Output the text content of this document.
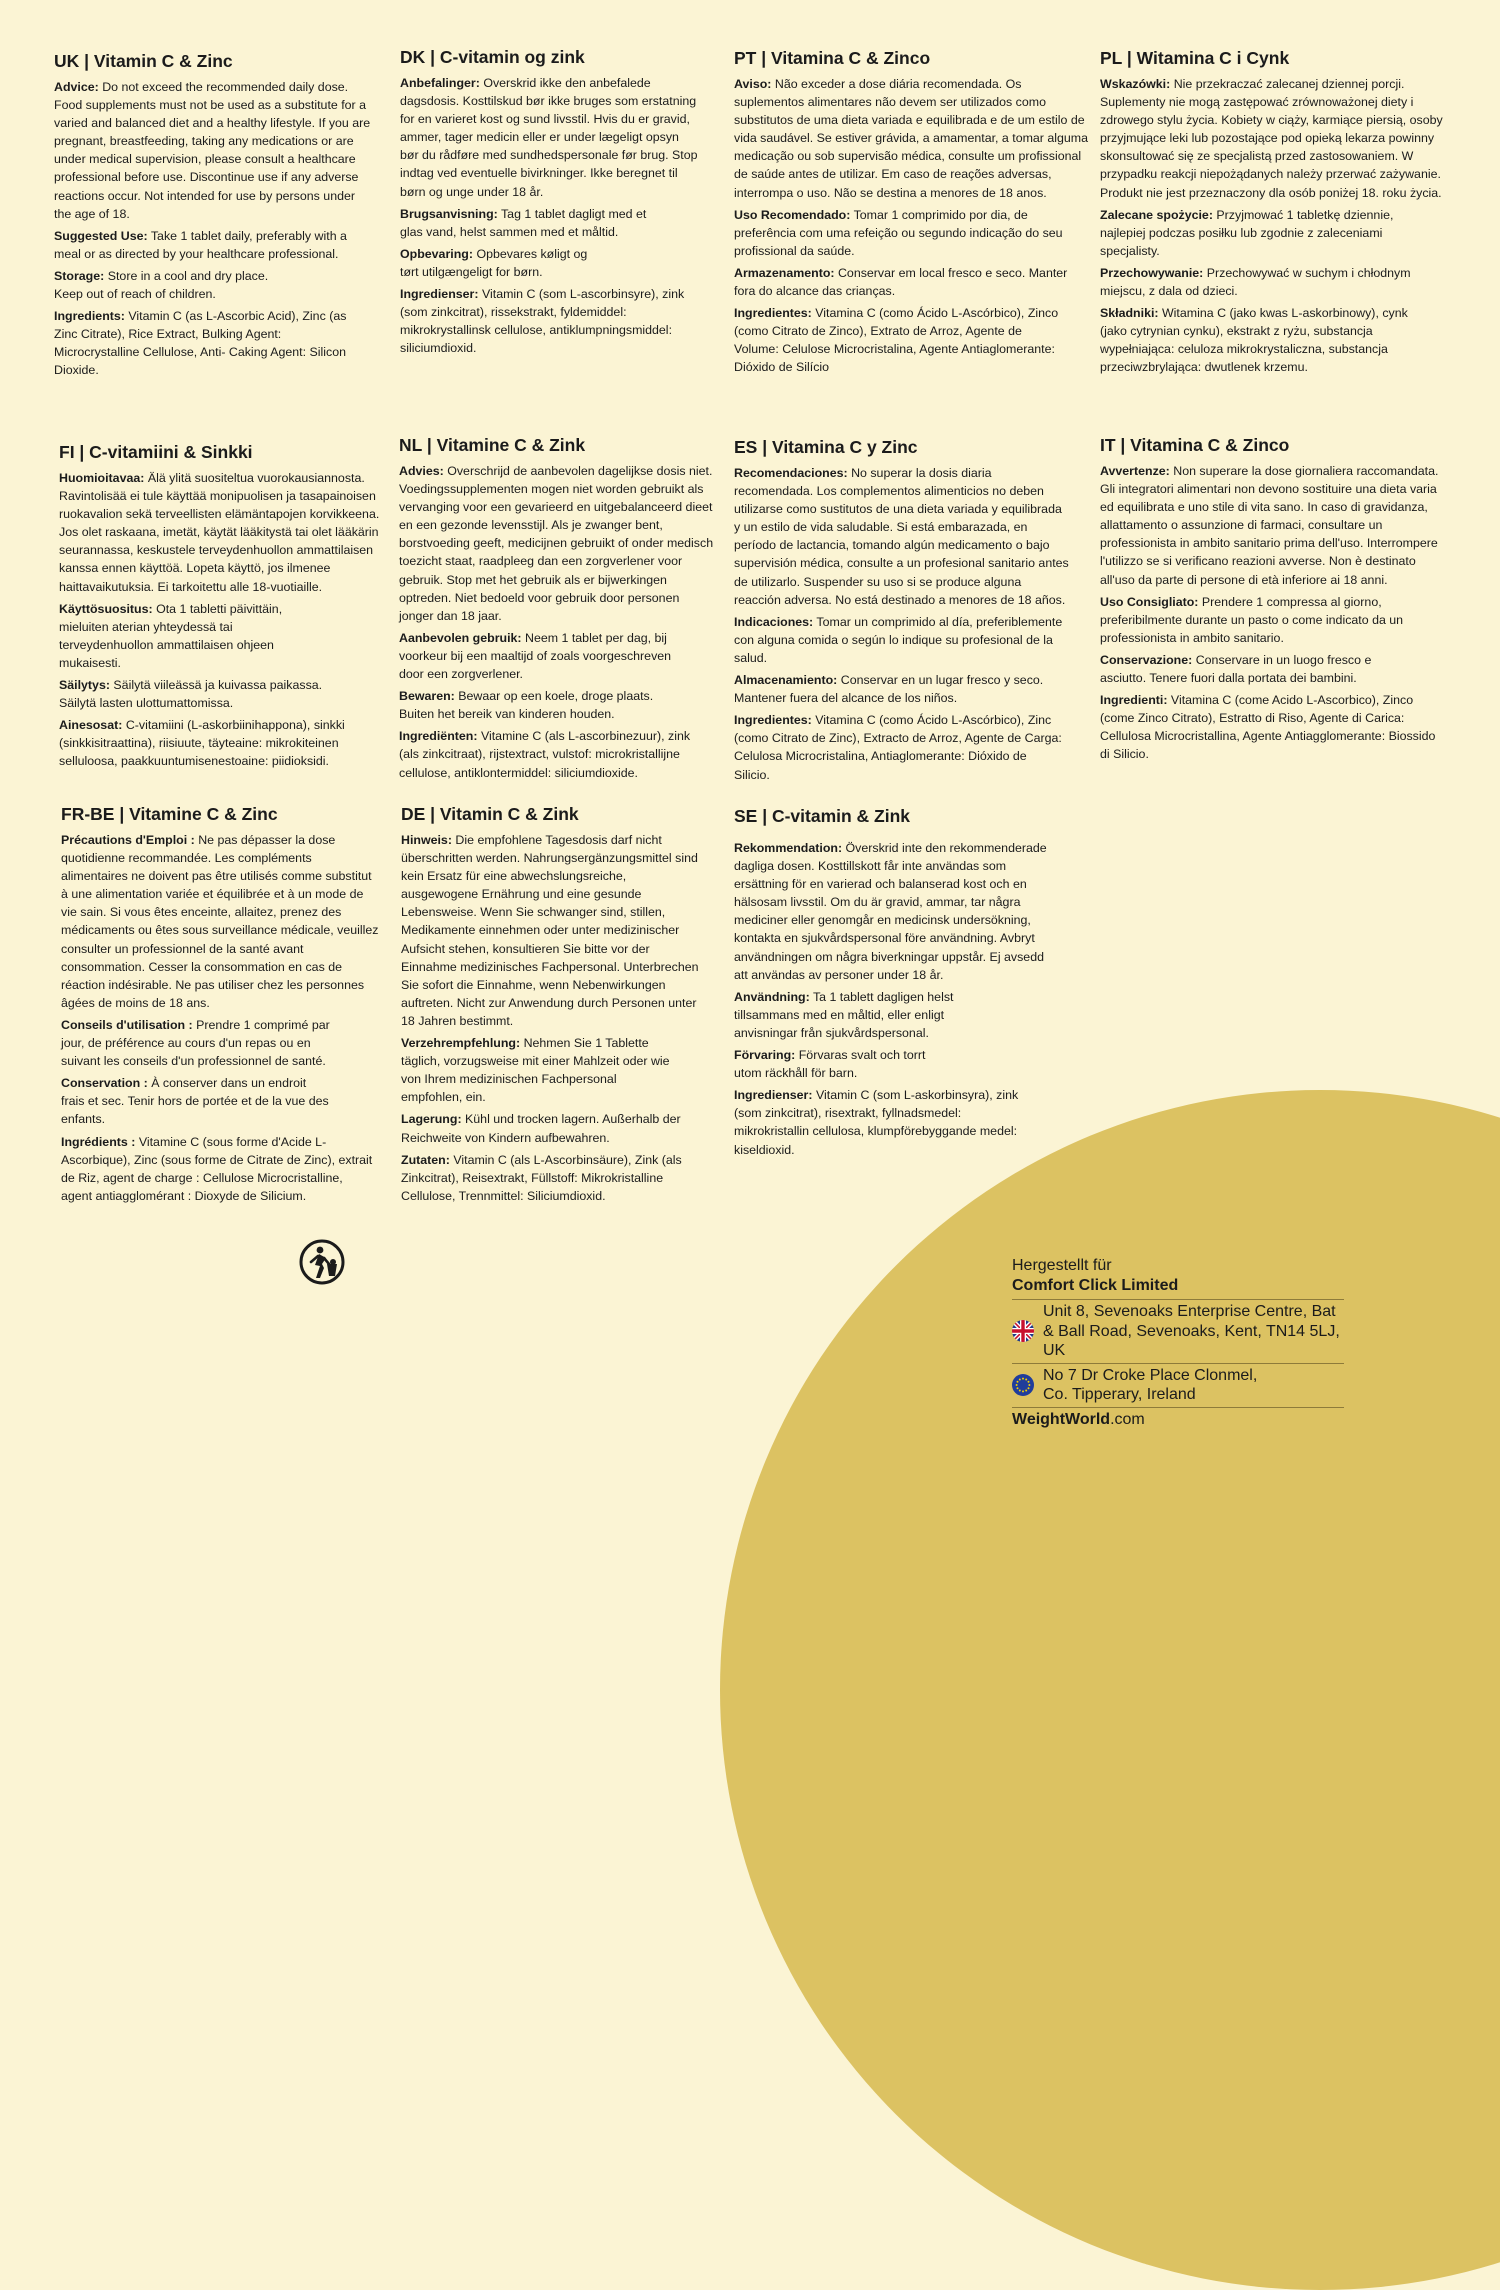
UK | Vitamin C & Zinc

Advice: Do not exceed the recommended daily dose. Food supplements must not be used as a substitute for a varied and balanced diet and a healthy lifestyle. If you are pregnant, breastfeeding, taking any medications or are under medical supervision, please consult a healthcare professional before use. Discontinue use if any adverse reactions occur. Not intended for use by persons under the age of 18.

Suggested Use: Take 1 tablet daily, preferably with a meal or as directed by your healthcare professional.

Storage: Store in a cool and dry place. Keep out of reach of children.

Ingredients: Vitamin C (as L-Ascorbic Acid), Zinc (as Zinc Citrate), Rice Extract, Bulking Agent: Microcrystalline Cellulose, Anti- Caking Agent: Silicon Dioxide.

DK | C-vitamin og zink

Anbefalinger: Overskrid ikke den anbefalede dagsdosis. Kosttilskud bør ikke bruges som erstatning for en varieret kost og sund livsstil. Hvis du er gravid, ammer, tager medicin eller er under lægeligt opsyn bør du rådføre med sundhedspersonale før brug. Stop indtag ved eventuelle bivirkninger. Ikke beregnet til børn og unge under 18 år.

Brugsanvisning: Tag 1 tablet dagligt med et glas vand, helst sammen med et måltid.

Opbevaring: Opbevares køligt og tørt utilgængeligt for børn.

Ingredienser: Vitamin C (som L-ascorbinsyre), zink (som zinkcitrat), rissekstrakt, fyldemiddel: mikrokrystallinsk cellulose, antiklumpningsmiddel: siliciumdioxid.

PT | Vitamina C & Zinco

Aviso: Não exceder a dose diária recomendada. Os suplementos alimentares não devem ser utilizados como substitutos de uma dieta variada e equilibrada e de um estilo de vida saudável. Se estiver grávida, a amamentar, a tomar alguma medicação ou sob supervisão médica, consulte um profissional de saúde antes de utilizar. Em caso de reações adversas, interrompa o uso. Não se destina a menores de 18 anos.

Uso Recomendado: Tomar 1 comprimido por dia, de preferência com uma refeição ou segundo indicação do seu profissional da saúde.

Armazenamento: Conservar em local fresco e seco. Manter fora do alcance das crianças.

Ingredientes: Vitamina C (como Ácido L-Ascórbico), Zinco (como Citrato de Zinco), Extrato de Arroz, Agente de Volume: Celulose Microcristalina, Agente Antiaglomerante: Dióxido de Silício

PL | Witamina C i Cynk

Wskazówki: Nie przekraczać zalecanej dziennej porcji. Suplementy nie mogą zastępować zrównoważonej diety i zdrowego stylu życia. Kobiety w ciąży, karmiące piersią, osoby przyjmujące leki lub pozostające pod opieką lekarza powinny skonsultować się ze specjalistą przed zastosowaniem. W przypadku reakcji niepożądanych należy przerwać zażywanie. Produkt nie jest przeznaczony dla osób poniżej 18. roku życia.

Zalecane spożycie: Przyjmować 1 tabletkę dziennie, najlepiej podczas posiłku lub zgodnie z zaleceniami specjalisty.

Przechowywanie: Przechowywać w suchym i chłodnym miejscu, z dala od dzieci.

Składniki: Witamina C (jako kwas L-askorbinowy), cynk (jako cytrynian cynku), ekstrakt z ryżu, substancja wypełniająca: celuloza mikrokrystaliczna, substancja przeciwzbrylająca: dwutlenek krzemu.

FI | C-vitamiini & Sinkki

Huomioitavaa: Älä ylitä suositeltua vuorokausiannosta. Ravintolisää ei tule käyttää monipuolisen ja tasapainoisen ruokavalion sekä terveellisten elämäntapojen korvikkeena. Jos olet raskaana, imetät, käytät lääkitystä tai olet lääkärin seurannassa, keskustele terveydenhuollon ammattilaisen kanssa ennen käyttöä. Lopeta käyttö, jos ilmenee haittavaikutuksia. Ei tarkoitettu alle 18-vuotiaille.

Käyttösuositus: Ota 1 tabletti päivittäin, mieluiten aterian yhteydessä tai terveydenhuollon ammattilaisen ohjeen mukaisesti.

Säilytys: Säilytä viileässä ja kuivassa paikassa. Säilytä lasten ulottumattomissa.

Ainesosat: C-vitamiini (L-askorbiinihappona), sinkki (sinkkisitraattina), riisiuute, täyteaine: mikrokiteinen selluloosa, paakkuuntumisenestoaine: piidioksidi.

NL | Vitamine C & Zink

Advies: Overschrijd de aanbevolen dagelijkse dosis niet. Voedingssupplementen mogen niet worden gebruikt als vervanging voor een gevarieerd en uitgebalanceerd dieet en een gezonde levensstijl. Als je zwanger bent, borstvoeding geeft, medicijnen gebruikt of onder medisch toezicht staat, raadpleeg dan een zorgverlener voor gebruik. Stop met het gebruik als er bijwerkingen optreden. Niet bedoeld voor gebruik door personen jonger dan 18 jaar.

Aanbevolen gebruik: Neem 1 tablet per dag, bij voorkeur bij een maaltijd of zoals voorgeschreven door een zorgverlener.

Bewaren: Bewaar op een koele, droge plaats. Buiten het bereik van kinderen houden.

Ingrediënten: Vitamine C (als L-ascorbinezuur), zink (als zinkcitraat), rijstextract, vulstof: microkristallijne cellulose, antiklontermiddel: siliciumdioxide.

ES | Vitamina C y Zinc

Recomendaciones: No superar la dosis diaria recomendada. Los complementos alimenticios no deben utilizarse como sustitutos de una dieta variada y equilibrada y un estilo de vida saludable. Si está embarazada, en período de lactancia, tomando algún medicamento o bajo supervisión médica, consulte a un profesional sanitario antes de utilizarlo. Suspender su uso si se produce alguna reacción adversa. No está destinado a menores de 18 años.

Indicaciones: Tomar un comprimido al día, preferiblemente con alguna comida o según lo indique su profesional de la salud.

Almacenamiento: Conservar en un lugar fresco y seco. Mantener fuera del alcance de los niños.

Ingredientes: Vitamina C (como Ácido L-Ascórbico), Zinc (como Citrato de Zinc), Extracto de Arroz, Agente de Carga: Celulosa Microcristalina, Antiaglomerante: Dióxido de Silicio.

IT | Vitamina C & Zinco

Avvertenze: Non superare la dose giornaliera raccomandata. Gli integratori alimentari non devono sostituire una dieta varia ed equilibrata e uno stile di vita sano. In caso di gravidanza, allattamento o assunzione di farmaci, consultare un professionista in ambito sanitario prima dell'uso. Interrompere l'utilizzo se si verificano reazioni avverse. Non è destinato all'uso da parte di persone di età inferiore ai 18 anni.

Uso Consigliato: Prendere 1 compressa al giorno, preferibilmente durante un pasto o come indicato da un professionista in ambito sanitario.

Conservazione: Conservare in un luogo fresco e asciutto. Tenere fuori dalla portata dei bambini.

Ingredienti: Vitamina C (come Acido L-Ascorbico), Zinco (come Zinco Citrato), Estratto di Riso, Agente di Carica: Cellulosa Microcristallina, Agente Antiagglomerante: Biossido di Silicio.

FR-BE | Vitamine C & Zinc

Précautions d'Emploi : Ne pas dépasser la dose quotidienne recommandée. Les compléments alimentaires ne doivent pas être utilisés comme substitut à une alimentation variée et équilibrée et à un mode de vie sain. Si vous êtes enceinte, allaitez, prenez des médicaments ou êtes sous surveillance médicale, veuillez consulter un professionnel de la santé avant consommation. Cesser la consommation en cas de réaction indésirable. Ne pas utiliser chez les personnes âgées de moins de 18 ans.

Conseils d'utilisation : Prendre 1 comprimé par jour, de préférence au cours d'un repas ou en suivant les conseils d'un professionnel de santé.

Conservation : À conserver dans un endroit frais et sec. Tenir hors de portée et de la vue des enfants.

Ingrédients : Vitamine C (sous forme d'Acide L-Ascorbique), Zinc (sous forme de Citrate de Zinc), extrait de Riz, agent de charge : Cellulose Microcristalline, agent antiagglomérant : Dioxyde de Silicium.

DE | Vitamin C & Zink

Hinweis: Die empfohlene Tagesdosis darf nicht überschritten werden. Nahrungsergänzungsmittel sind kein Ersatz für eine abwechslungsreiche, ausgewogene Ernährung und eine gesunde Lebensweise. Wenn Sie schwanger sind, stillen, Medikamente einnehmen oder unter medizinischer Aufsicht stehen, konsultieren Sie bitte vor der Einnahme medizinisches Fachpersonal. Unterbrechen Sie sofort die Einnahme, wenn Nebenwirkungen auftreten. Nicht zur Anwendung durch Personen unter 18 Jahren bestimmt.

Verzehrempfehlung: Nehmen Sie 1 Tablette täglich, vorzugsweise mit einer Mahlzeit oder wie von Ihrem medizinischen Fachpersonal empfohlen, ein.

Lagerung: Kühl und trocken lagern. Außerhalb der Reichweite von Kindern aufbewahren.

Zutaten: Vitamin C (als L-Ascorbinsäure), Zink (als Zinkcitrat), Reisextrakt, Füllstoff: Mikrokristalline Cellulose, Trennmittel: Siliciumdioxid.

SE | C-vitamin & Zink

Rekommendation: Överskrid inte den rekommenderade dagliga dosen. Kosttillskott får inte användas som ersättning för en varierad och balanserad kost och en hälsosam livsstil. Om du är gravid, ammar, tar några mediciner eller genomgår en medicinsk undersökning, kontakta en sjukvårdspersonal före användning. Avbryt användningen om några biverkningar uppstår. Ej avsedd att användas av personer under 18 år.

Användning: Ta 1 tablett dagligen helst tillsammans med en måltid, eller enligt anvisningar från sjukvårdspersonal.

Förvaring: Förvaras svalt och torrt utom räckhåll för barn.

Ingredienser: Vitamin C (som L-askorbinsyra), zink (som zinkcitrat), risextrakt, fyllnadsmedel: mikrokristallin cellulosa, klumpförebyggande medel: kiseldioxid.

Hergestellt für
Comfort Click Limited
Unit 8, Sevenoaks Enterprise Centre, Bat & Ball Road, Sevenoaks, Kent, TN14 5LJ, UK
No 7 Dr Croke Place Clonmel, Co. Tipperary, Ireland
WeightWorld.com
